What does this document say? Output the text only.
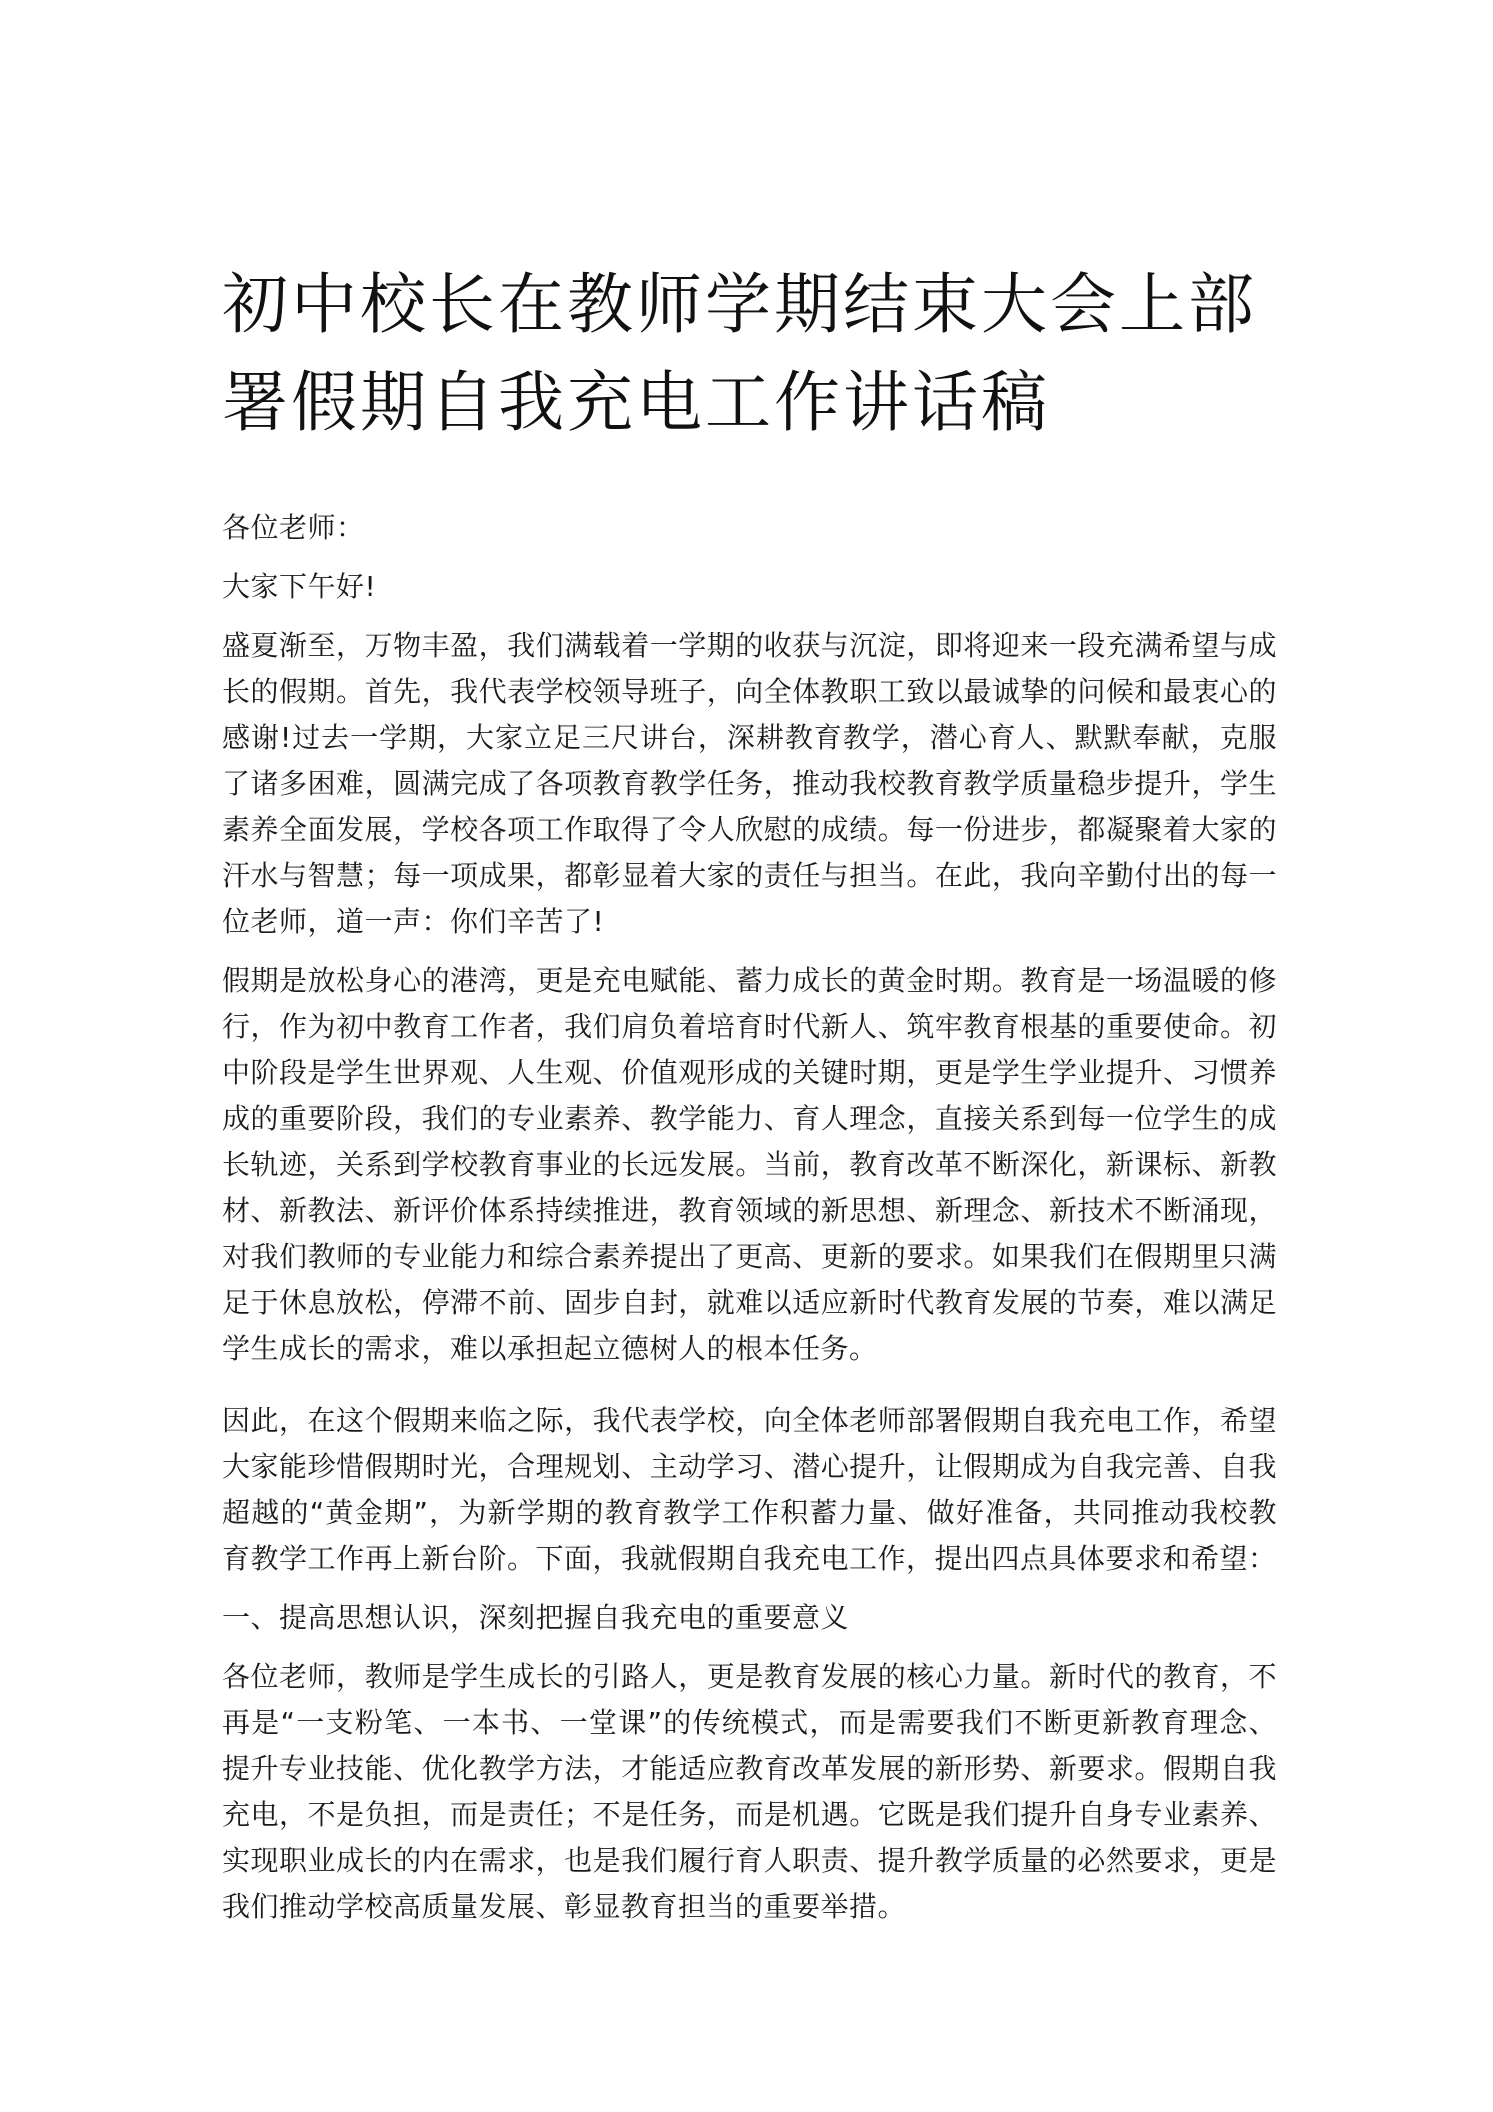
初中校长在教师学期结束大会上部署假期自我充电工作讲话稿

各位老师：

大家下午好!

盛夏渐至，万物丰盈，我们满载着一学期的收获与沉淀，即将迎来一段充满希望与成长的假期。首先，我代表学校领导班子，向全体教职工致以最诚挚的问候和最衷心的感谢!过去一学期，大家立足三尺讲台，深耕教育教学，潜心育人、默默奉献，克服了诸多困难，圆满完成了各项教育教学任务，推动我校教育教学质量稳步提升，学生素养全面发展，学校各项工作取得了令人欣慰的成绩。每一份进步，都凝聚着大家的汗水与智慧；每一项成果，都彰显着大家的责任与担当。在此，我向辛勤付出的每一位老师，道一声：你们辛苦了!

假期是放松身心的港湾，更是充电赋能、蓄力成长的黄金时期。教育是一场温暖的修行，作为初中教育工作者，我们肩负着培育时代新人、筑牢教育根基的重要使命。初中阶段是学生世界观、人生观、价值观形成的关键时期，更是学生学业提升、习惯养成的重要阶段，我们的专业素养、教学能力、育人理念，直接关系到每一位学生的成长轨迹，关系到学校教育事业的长远发展。当前，教育改革不断深化，新课标、新教材、新教法、新评价体系持续推进，教育领域的新思想、新理念、新技术不断涌现，对我们教师的专业能力和综合素养提出了更高、更新的要求。如果我们在假期里只满足于休息放松，停滞不前、固步自封，就难以适应新时代教育发展的节奏，难以满足学生成长的需求，难以承担起立德树人的根本任务。

因此，在这个假期来临之际，我代表学校，向全体老师部署假期自我充电工作，希望大家能珍惜假期时光，合理规划、主动学习、潜心提升，让假期成为自我完善、自我超越的“黄金期”，为新学期的教育教学工作积蓄力量、做好准备，共同推动我校教育教学工作再上新台阶。下面，我就假期自我充电工作，提出四点具体要求和希望：

一、提高思想认识，深刻把握自我充电的重要意义

各位老师，教师是学生成长的引路人，更是教育发展的核心力量。新时代的教育，不再是“一支粉笔、一本书、一堂课”的传统模式，而是需要我们不断更新教育理念、提升专业技能、优化教学方法，才能适应教育改革发展的新形势、新要求。假期自我充电，不是负担，而是责任；不是任务，而是机遇。它既是我们提升自身专业素养、实现职业成长的内在需求，也是我们履行育人职责、提升教学质量的必然要求，更是我们推动学校高质量发展、彰显教育担当的重要举措。
